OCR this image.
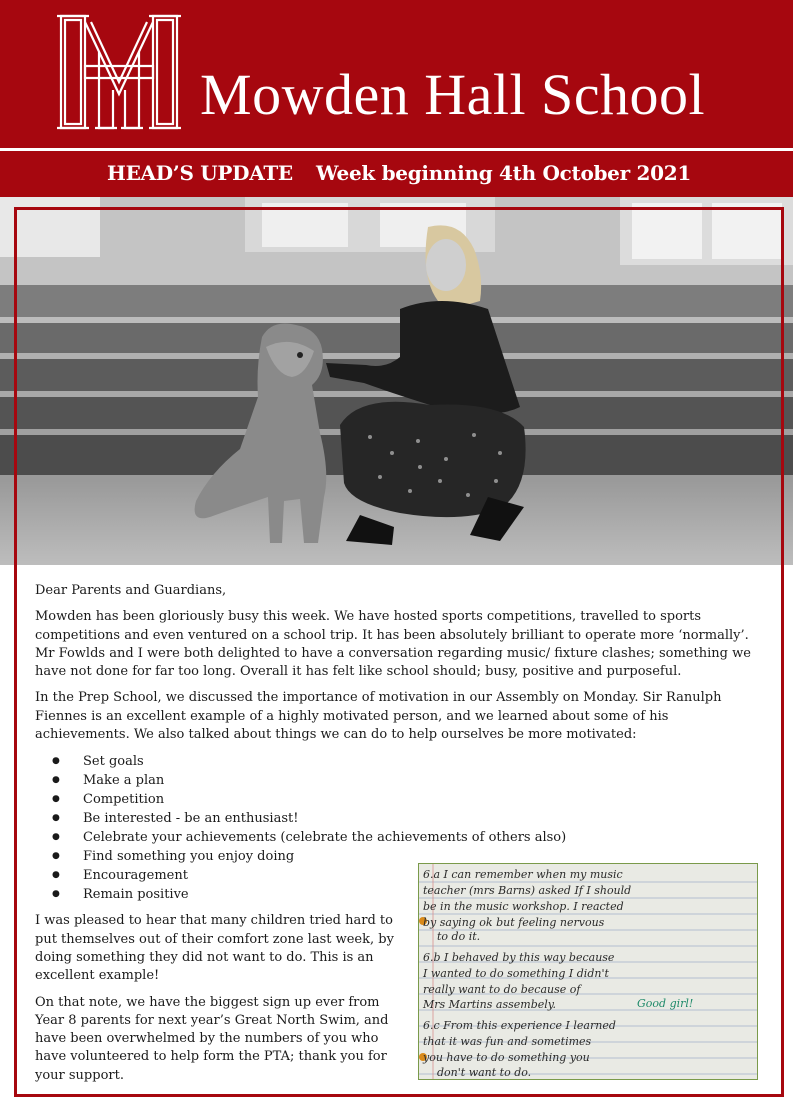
Mowden Hall School
HEAD’S UPDATE Week beginning 4th October 2021

Dear Parents and Guardians,

Mowden has been gloriously busy this week. We have hosted sports competitions, travelled to sports competitions and even ventured on a school trip. It has been absolutely brilliant to operate more ‘normally’. Mr Fowlds and I were both delighted to have a conversation regarding music/ fixture clashes; something we have not done for far too long. Overall it has felt like school should; busy, positive and purposeful.

In the Prep School, we discussed the importance of motivation in our Assembly on Monday. Sir Ranulph Fiennes is an excellent example of a highly motivated person, and we learned about some of his achievements. We also talked about things we can do to help ourselves be more motivated:

● Set goals
● Make a plan
● Competition
● Be interested - be an enthusiast!
● Celebrate your achievements (celebrate the achievements of others also)
● Find something you enjoy doing
● Encouragement
● Remain positive

I was pleased to hear that many children tried hard to put themselves out of their comfort zone last week, by doing something they did not want to do. This is an excellent example!

On that note, we have the biggest sign up ever from Year 8 parents for next year’s Great North Swim, and have been overwhelmed by the numbers of you who have volunteered to help form the PTA; thank you for your support.

6.a I can remember when my music
teacher (mrs Barns) asked If I should
be in the music workshop. I reacted
by saying ok but feeling nervous
to do it.
6.b I behaved by this way because
I wanted to do something I didn't
really want to do because of
Mrs Martins assembely.
6.c From this experience I learned
that it was fun and sometimes
you have to do something you
don't want to do.
Good girl!
